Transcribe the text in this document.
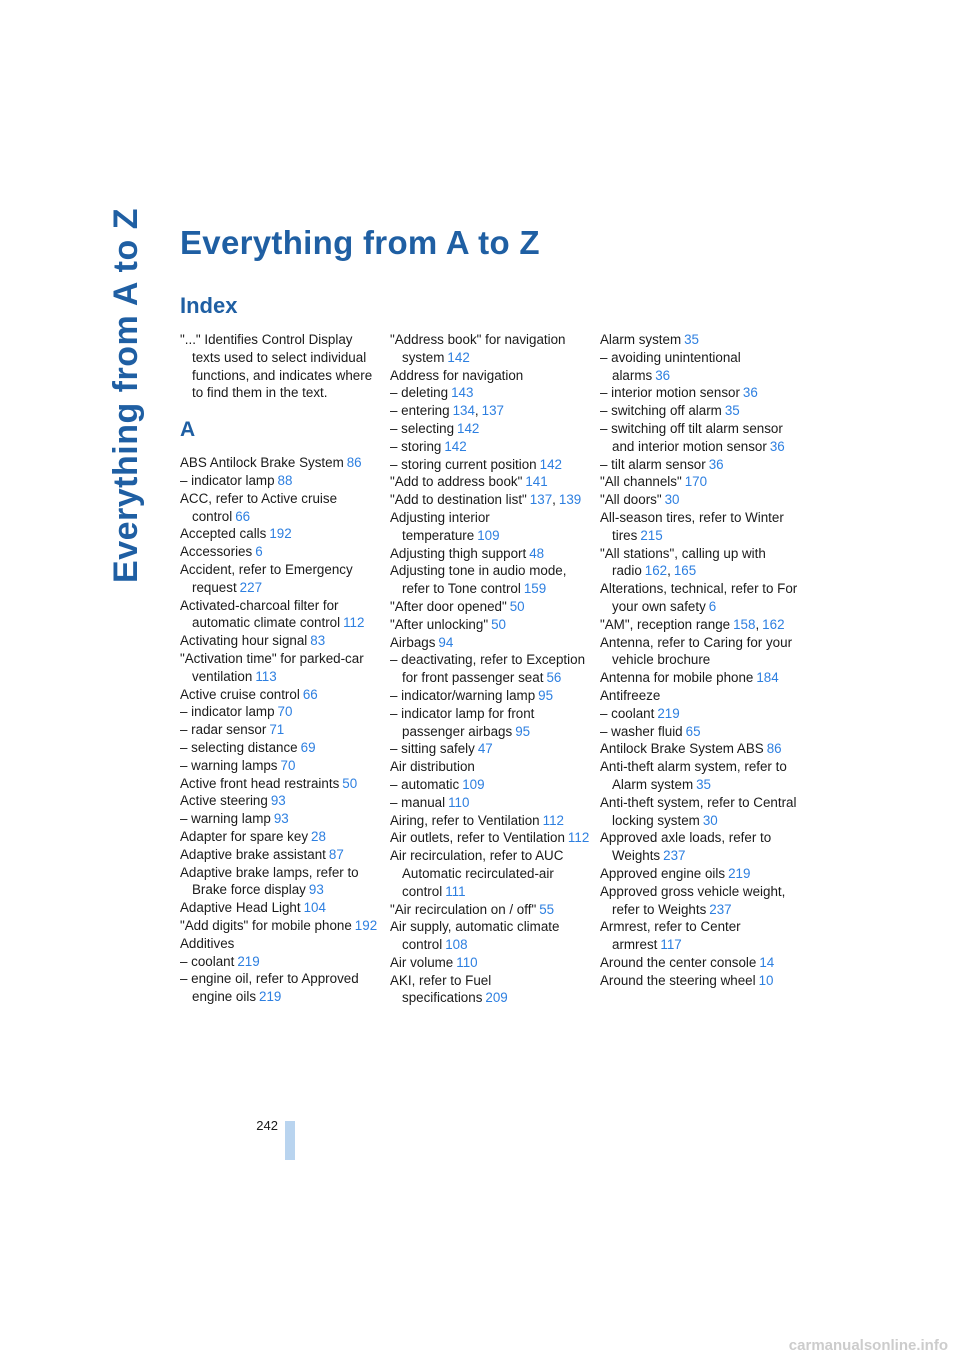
Everything from A to Z Everything from A to Z
Index
"..." Identifies Control Display texts used to select individual functions, and indicates where to find them in the text.
A
ABS Antilock Brake System 86
– indicator lamp 88
ACC, refer to Active cruise control 66
Accepted calls 192
Accessories 6
Accident, refer to Emergency request 227
Activated-charcoal filter for automatic climate control 112
Activating hour signal 83
"Activation time" for parked-car ventilation 113
Active cruise control 66
– indicator lamp 70
– radar sensor 71
– selecting distance 69
– warning lamps 70
Active front head restraints 50
Active steering 93
– warning lamp 93
Adapter for spare key 28
Adaptive brake assistant 87
Adaptive brake lamps, refer to Brake force display 93
Adaptive Head Light 104
"Add digits" for mobile phone 192
Additives
– coolant 219
– engine oil, refer to Approved engine oils 219
"Address book" for navigation system 142
Address for navigation
– deleting 143
– entering 134, 137
– selecting 142
– storing 142
– storing current position 142
"Add to address book" 141
"Add to destination list" 137, 139
Adjusting interior temperature 109
Adjusting thigh support 48
Adjusting tone in audio mode, refer to Tone control 159
"After door opened" 50
"After unlocking" 50
Airbags 94
– deactivating, refer to Exception for front passenger seat 56
– indicator/warning lamp 95
– indicator lamp for front passenger airbags 95
– sitting safely 47
Air distribution
– automatic 109
– manual 110
Airing, refer to Ventilation 112
Air outlets, refer to Ventilation 112
Air recirculation, refer to AUC Automatic recirculated-air control 111
"Air recirculation on / off" 55
Air supply, automatic climate control 108
Air volume 110
AKI, refer to Fuel specifications 209
Alarm system 35
– avoiding unintentional alarms 36
– interior motion sensor 36
– switching off alarm 35
– switching off tilt alarm sensor and interior motion sensor 36
– tilt alarm sensor 36
"All channels" 170
"All doors" 30
All-season tires, refer to Winter tires 215
"All stations", calling up with radio 162, 165
Alterations, technical, refer to For your own safety 6
"AM", reception range 158, 162
Antenna, refer to Caring for your vehicle brochure
Antenna for mobile phone 184
Antifreeze
– coolant 219
– washer fluid 65
Antilock Brake System ABS 86
Anti-theft alarm system, refer to Alarm system 35
Anti-theft system, refer to Central locking system 30
Approved axle loads, refer to Weights 237
Approved engine oils 219
Approved gross vehicle weight, refer to Weights 237
Armrest, refer to Center armrest 117
Around the center console 14
Around the steering wheel 10
242
carmanualsonline.info
